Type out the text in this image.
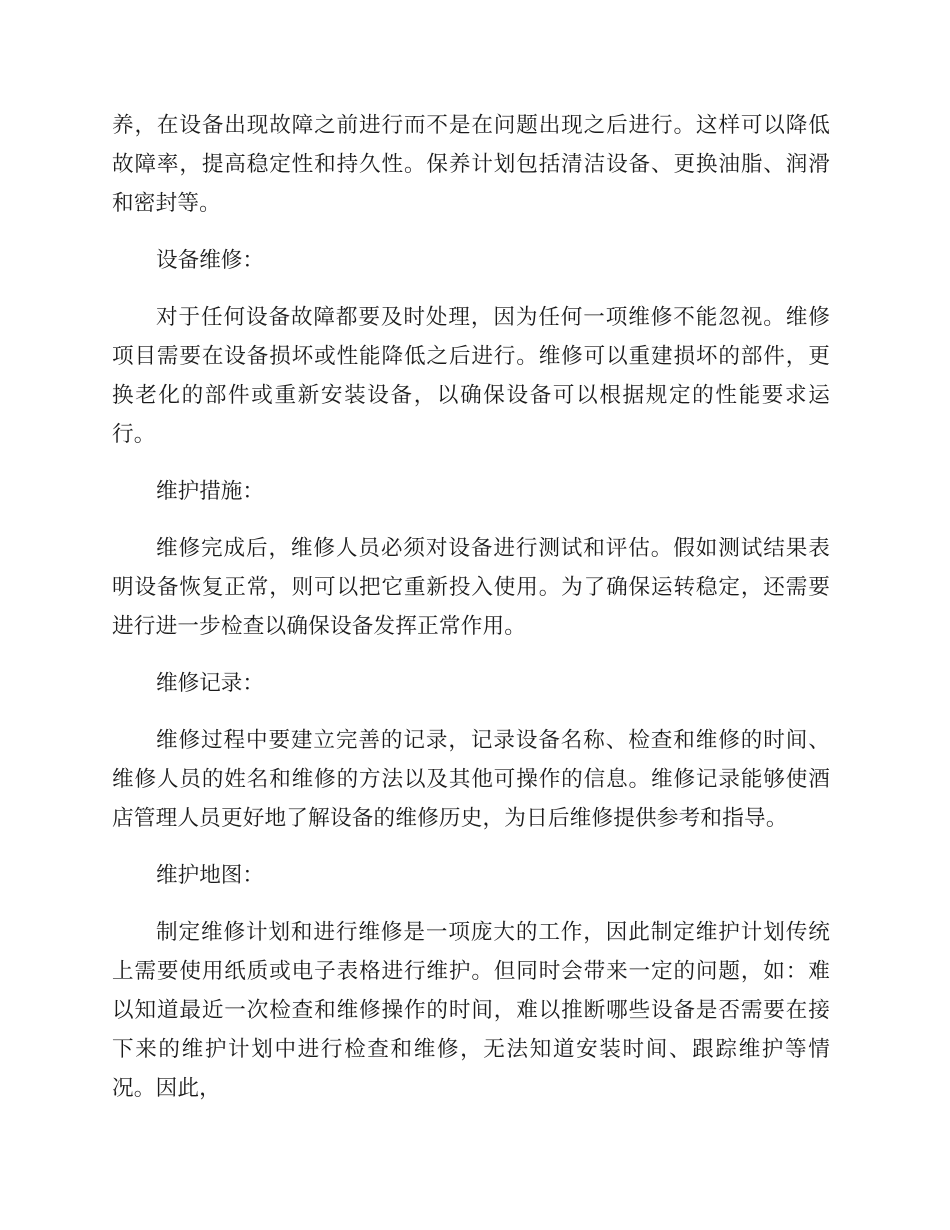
养，在设备出现故障之前进行而不是在问题出现之后进行。这样可以降低故障率，提高稳定性和持久性。保养计划包括清洁设备、更换油脂、润滑和密封等。

设备维修：

对于任何设备故障都要及时处理，因为任何一项维修不能忽视。维修项目需要在设备损坏或性能降低之后进行。维修可以重建损坏的部件，更换老化的部件或重新安装设备，以确保设备可以根据规定的性能要求运行。

维护措施：

维修完成后，维修人员必须对设备进行测试和评估。假如测试结果表明设备恢复正常，则可以把它重新投入使用。为了确保运转稳定，还需要进行进一步检查以确保设备发挥正常作用。

维修记录：

维修过程中要建立完善的记录，记录设备名称、检查和维修的时间、维修人员的姓名和维修的方法以及其他可操作的信息。维修记录能够使酒店管理人员更好地了解设备的维修历史，为日后维修提供参考和指导。

维护地图：

制定维修计划和进行维修是一项庞大的工作，因此制定维护计划传统上需要使用纸质或电子表格进行维护。但同时会带来一定的问题，如：难以知道最近一次检查和维修操作的时间，难以推断哪些设备是否需要在接下来的维护计划中进行检查和维修，无法知道安装时间、跟踪维护等情况。因此，
